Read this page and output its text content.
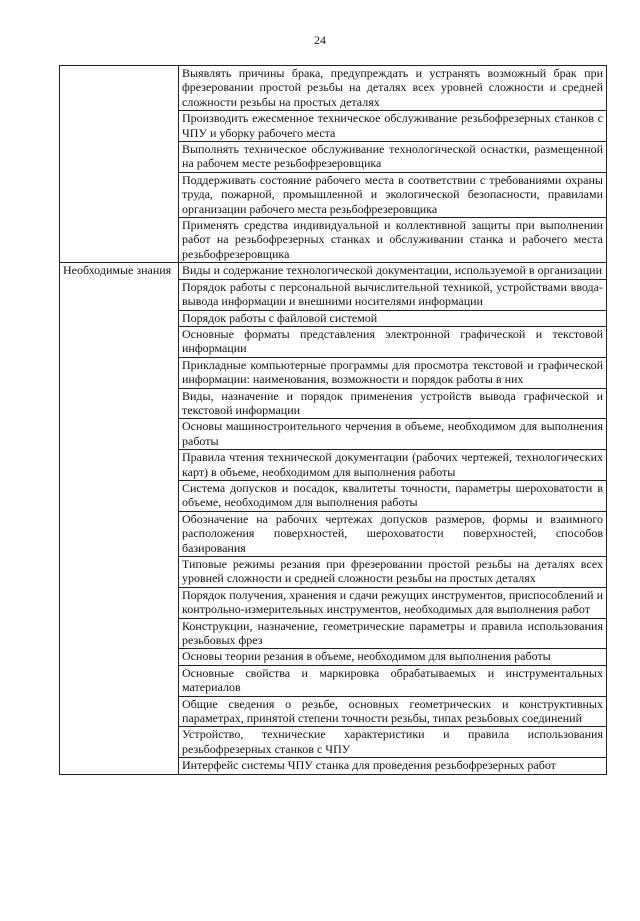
24
	Выявлять причины брака, предупреждать и устранять возможный брак при фрезеровании простой резьбы на деталях всех уровней сложности и средней сложности резьбы на простых деталях
	Производить ежесменное техническое обслуживание резьбофрезерных станков с ЧПУ и уборку рабочего места
	Выполнять техническое обслуживание технологической оснастки, размещенной на рабочем месте резьбофрезеровщика
	Поддерживать состояние рабочего места в соответствии с требованиями охраны труда, пожарной, промышленной и экологической безопасности, правилами организации рабочего места резьбофрезеровщика
	Применять средства индивидуальной и коллективной защиты при выполнении работ на резьбофрезерных станках и обслуживании станка и рабочего места резьбофрезеровщика
Необходимые знания	Виды и содержание технологической документации, используемой в организации
	Порядок работы с персональной вычислительной техникой, устройствами ввода-вывода информации и внешними носителями информации
	Порядок работы с файловой системой
	Основные форматы представления электронной графической и текстовой информации
	Прикладные компьютерные программы для просмотра текстовой и графической информации: наименования, возможности и порядок работы в них
	Виды, назначение и порядок применения устройств вывода графической и текстовой информации
	Основы машиностроительного черчения в объеме, необходимом для выполнения работы
	Правила чтения технической документации (рабочих чертежей, технологических карт) в объеме, необходимом для выполнения работы
	Система допусков и посадок, квалитеты точности, параметры шероховатости в объеме, необходимом для выполнения работы
	Обозначение на рабочих чертежах допусков размеров, формы и взаимного расположения поверхностей, шероховатости поверхностей, способов базирования
	Типовые режимы резания при фрезеровании простой резьбы на деталях всех уровней сложности и средней сложности резьбы на простых деталях
	Порядок получения, хранения и сдачи режущих инструментов, приспособлений и контрольно-измерительных инструментов, необходимых для выполнения работ
	Конструкции, назначение, геометрические параметры и правила использования резьбовых фрез
	Основы теории резания в объеме, необходимом для выполнения работы
	Основные свойства и маркировка обрабатываемых и инструментальных материалов
	Общие сведения о резьбе, основных геометрических и конструктивных параметрах, принятой степени точности резьбы, типах резьбовых соединений
	Устройство, технические характеристики и правила использования резьбофрезерных станков с ЧПУ
	Интерфейс системы ЧПУ станка для проведения резьбофрезерных работ
